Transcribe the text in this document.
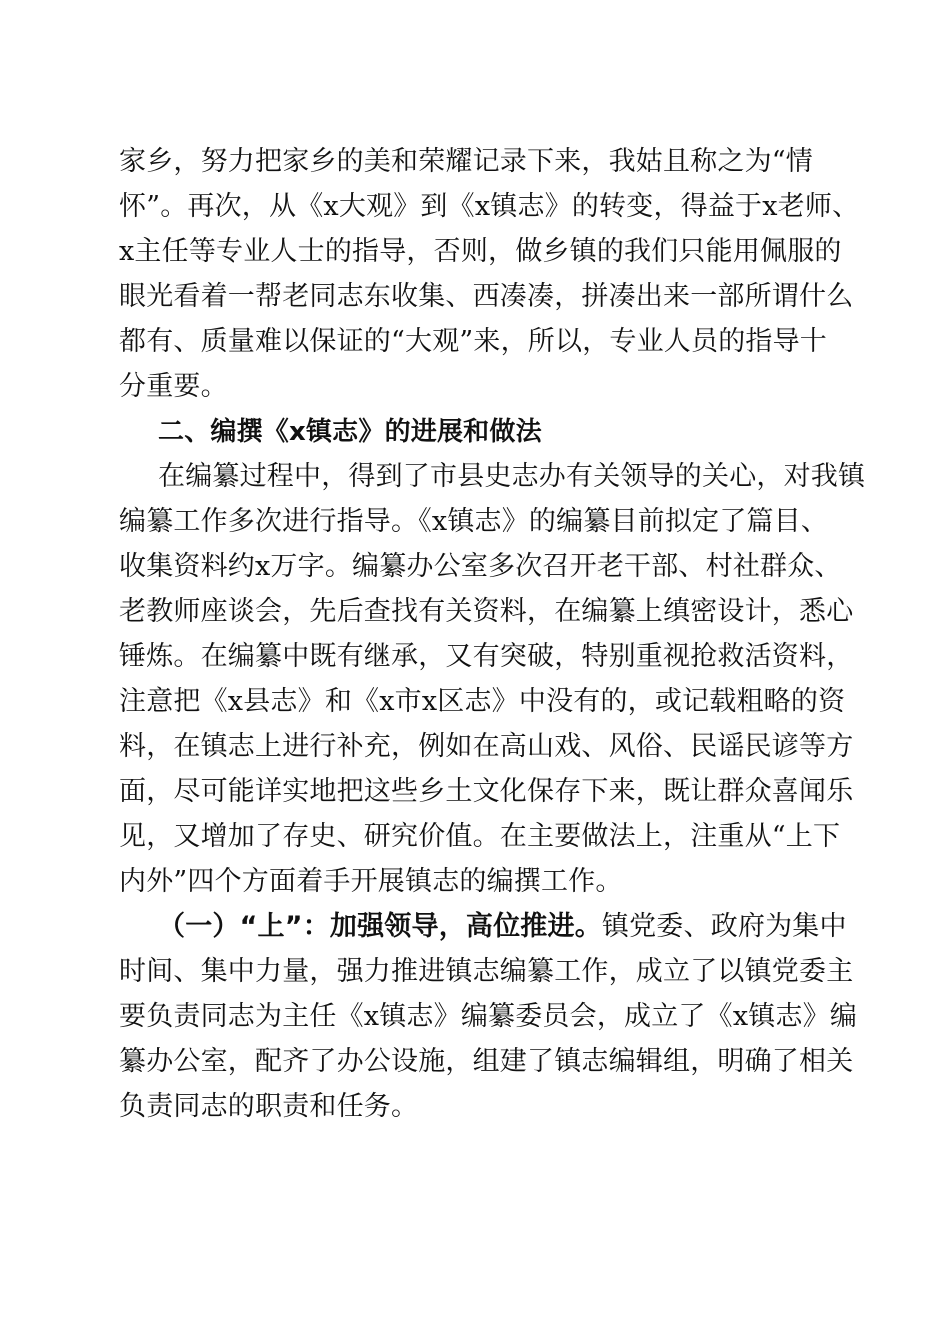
家乡，努力把家乡的美和荣耀记录下来，我姑且称之为“情
怀”。再次，从《x大观》到《x镇志》的转变，得益于x老师、
x主任等专业人士的指导，否则，做乡镇的我们只能用佩服的
眼光看着一帮老同志东收集、西凑凑，拼凑出来一部所谓什么
都有、质量难以保证的“大观”来，所以，专业人员的指导十
分重要。
二、编撰《x镇志》的进展和做法
在编纂过程中，得到了市县史志办有关领导的关心，对我镇
编纂工作多次进行指导。《x镇志》的编纂目前拟定了篇目、
收集资料约x万字。编纂办公室多次召开老干部、村社群众、
老教师座谈会，先后查找有关资料，在编纂上缜密设计，悉心
锤炼。在编纂中既有继承，又有突破，特别重视抢救活资料，
注意把《x县志》和《x市x区志》中没有的，或记载粗略的资
料，在镇志上进行补充，例如在高山戏、风俗、民谣民谚等方
面，尽可能详实地把这些乡土文化保存下来，既让群众喜闻乐
见，又增加了存史、研究价值。在主要做法上，注重从“上下
内外”四个方面着手开展镇志的编撰工作。
（一）“上”：加强领导，高位推进。镇党委、政府为集中
时间、集中力量，强力推进镇志编纂工作，成立了以镇党委主
要负责同志为主任《x镇志》编纂委员会，成立了《x镇志》编
纂办公室，配齐了办公设施，组建了镇志编辑组，明确了相关
负责同志的职责和任务。
